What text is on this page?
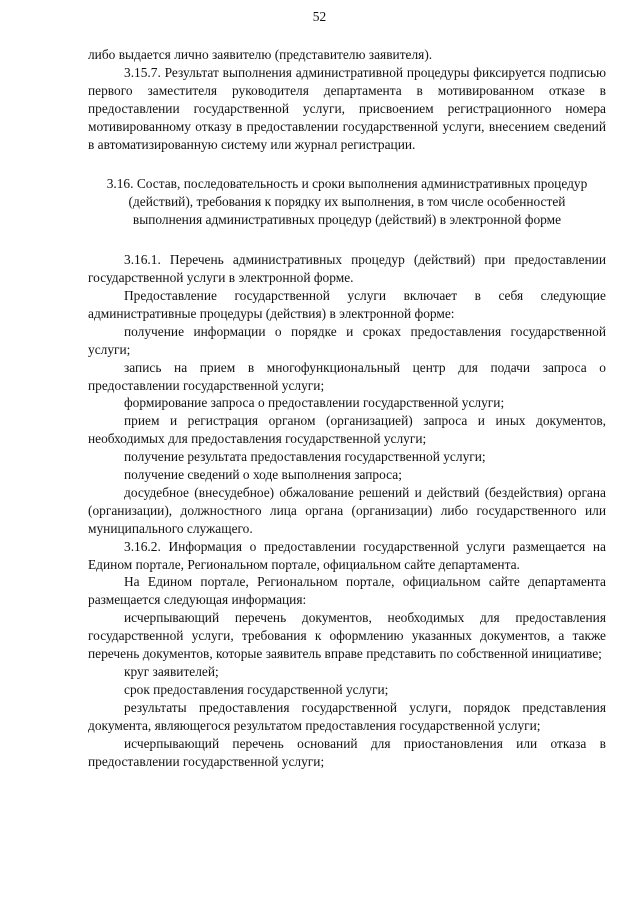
52

либо выдается лично заявителю (представителю заявителя).

3.15.7. Результат выполнения административной процедуры фиксируется подписью первого заместителя руководителя департамента в мотивированном отказе в предоставлении государственной услуги, присвоением регистрационного номера мотивированному отказу в предоставлении государственной услуги, внесением сведений в автоматизированную систему или журнал регистрации.

3.16. Состав, последовательность и сроки выполнения административных процедур (действий), требования к порядку их выполнения, в том числе особенностей выполнения административных процедур (действий) в электронной форме

3.16.1. Перечень административных процедур (действий) при предоставлении государственной услуги в электронной форме.

Предоставление государственной услуги включает в себя следующие административные процедуры (действия) в электронной форме:

получение информации о порядке и сроках предоставления государственной услуги;

запись на прием в многофункциональный центр для подачи запроса о предоставлении государственной услуги;

формирование запроса о предоставлении государственной услуги;

прием и регистрация органом (организацией) запроса и иных документов, необходимых для предоставления государственной услуги;

получение результата предоставления государственной услуги;

получение сведений о ходе выполнения запроса;

досудебное (внесудебное) обжалование решений и действий (бездействия) органа (организации), должностного лица органа (организации) либо государственного или муниципального служащего.

3.16.2. Информация о предоставлении государственной услуги размещается на Едином портале, Региональном портале, официальном сайте департамента.

На Едином портале, Региональном портале, официальном сайте департамента размещается следующая информация:

исчерпывающий перечень документов, необходимых для предоставления государственной услуги, требования к оформлению указанных документов, а также перечень документов, которые заявитель вправе представить по собственной инициативе;

круг заявителей;

срок предоставления государственной услуги;

результаты предоставления государственной услуги, порядок представления документа, являющегося результатом предоставления государственной услуги;

исчерпывающий перечень оснований для приостановления или отказа в предоставлении государственной услуги;
